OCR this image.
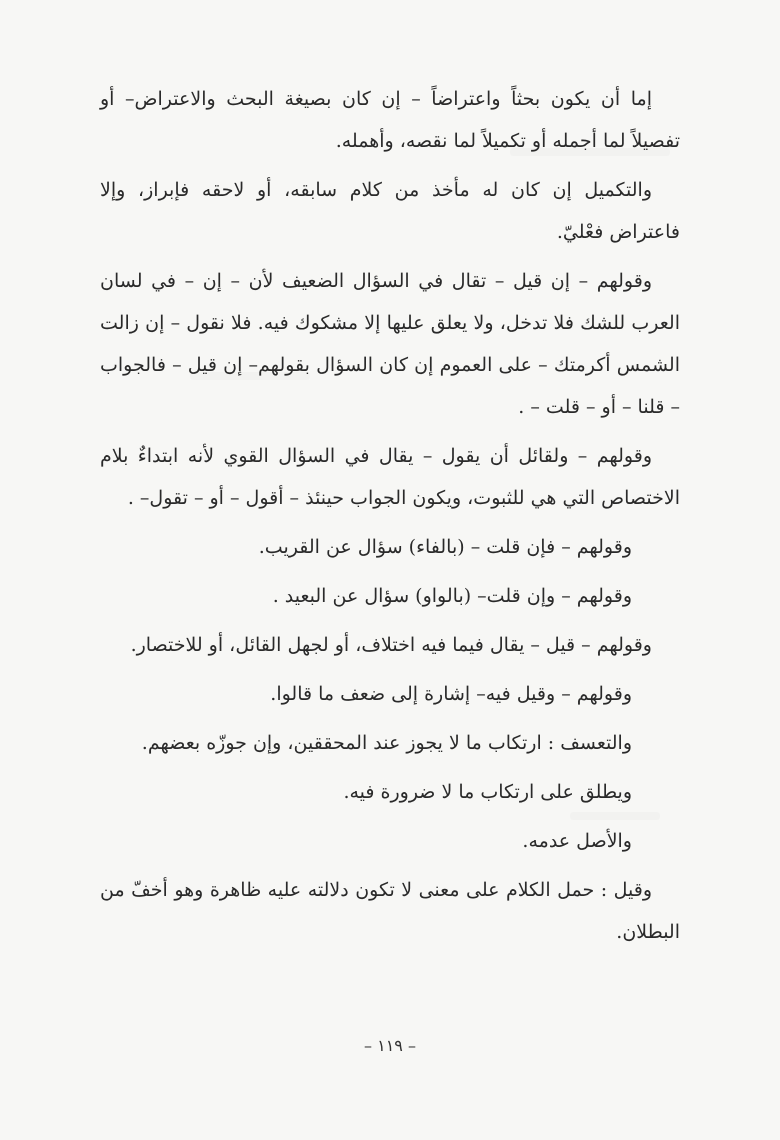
إما أن يكون بحثاً واعتراضاً – إن كان بصيغة البحث والاعتراض– أو تفصيلاً لما أجمله أو تكميلاً لما نقصه، وأهمله.

والتكميل إن كان له مأخذ من كلام سابقه، أو لاحقه فإبراز، وإلا فاعتراض فعْليّ.

وقولهم – إن قيل – تقال في السؤال الضعيف لأن – إن – في لسان العرب للشك فلا تدخل، ولا يعلق عليها إلا مشكوك فيه. فلا نقول – إن زالت الشمس أكرمتك – على العموم إن كان السؤال بقولهم– إن قيل – فالجواب – قلنا – أو – قلت – .

وقولهم – ولقائل أن يقول – يقال في السؤال القوي لأنه ابتداءٌ بلام الاختصاص التي هي للثبوت، ويكون الجواب حينئذ – أقول – أو – تقول– .

وقولهم – فإن قلت – (بالفاء) سؤال عن القريب.

وقولهم – وإن قلت– (بالواو) سؤال عن البعيد .

وقولهم – قيل – يقال فيما فيه اختلاف، أو لجهل القائل، أو للاختصار.

وقولهم – وقيل فيه– إشارة إلى ضعف ما قالوا.

والتعسف : ارتكاب ما لا يجوز عند المحققين، وإن جوزّه بعضهم.

ويطلق على ارتكاب ما لا ضرورة فيه.

والأصل عدمه.

وقيل : حمل الكلام على معنى لا تكون دلالته عليه ظاهرة وهو أخفّ من البطلان.

– ١١٩ –
